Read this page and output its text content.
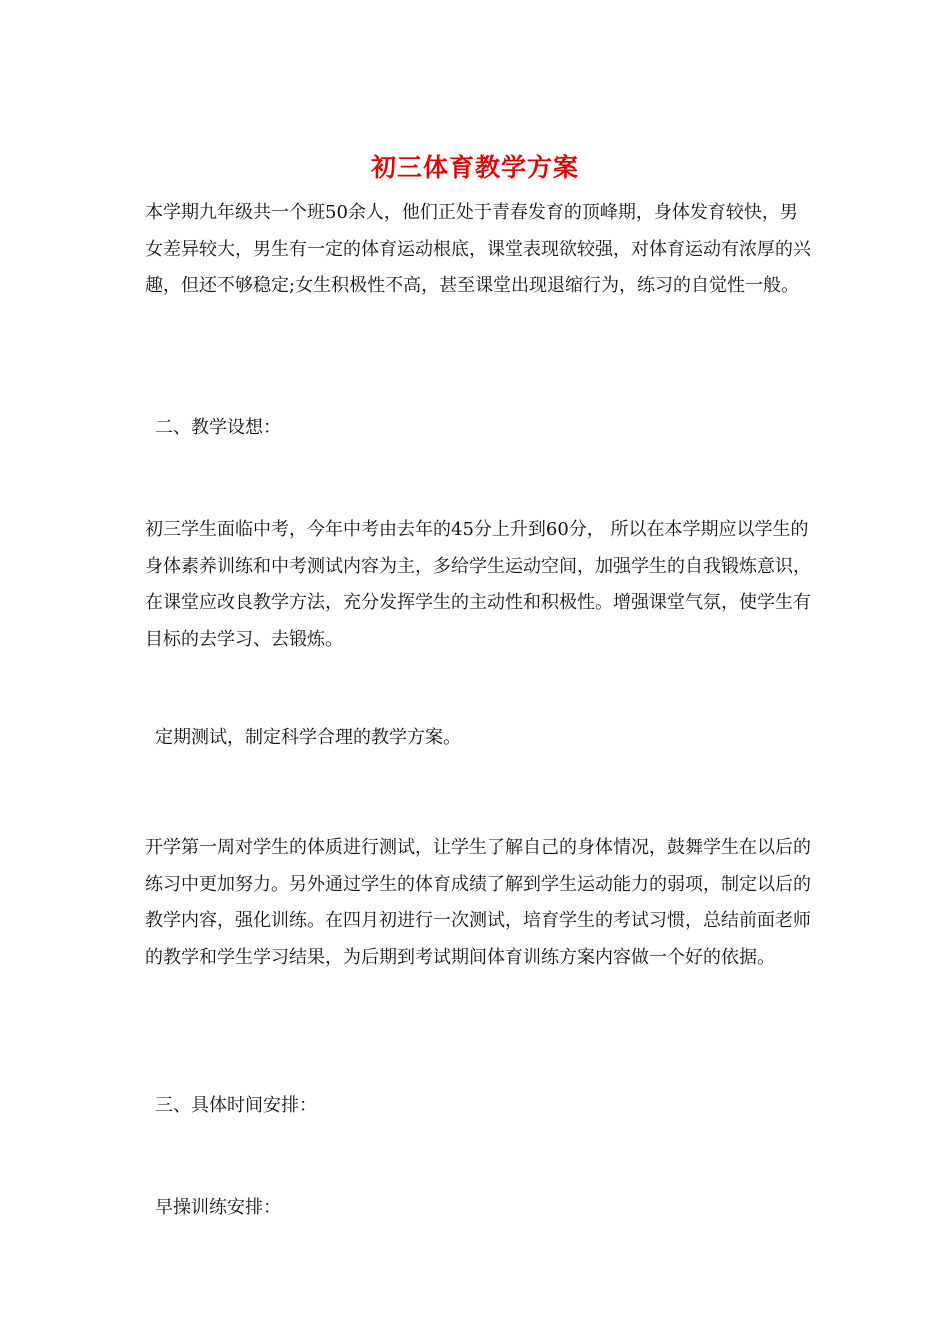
初三体育教学方案

本学期九年级共一个班50余人，他们正处于青春发育的顶峰期，身体发育较快，男女差异较大，男生有一定的体育运动根底，课堂表现欲较强，对体育运动有浓厚的兴趣，但还不够稳定;女生积极性不高，甚至课堂出现退缩行为，练习的自觉性一般。

二、教学设想：

初三学生面临中考，今年中考由去年的45分上升到60分， 所以在本学期应以学生的身体素养训练和中考测试内容为主，多给学生运动空间，加强学生的自我锻炼意识，在课堂应改良教学方法，充分发挥学生的主动性和积极性。增强课堂气氛，使学生有目标的去学习、去锻炼。

定期测试，制定科学合理的教学方案。

开学第一周对学生的体质进行测试，让学生了解自己的身体情况，鼓舞学生在以后的练习中更加努力。另外通过学生的体育成绩了解到学生运动能力的弱项，制定以后的教学内容，强化训练。在四月初进行一次测试，培育学生的考试习惯，总结前面老师的教学和学生学习结果，为后期到考试期间体育训练方案内容做一个好的依据。

三、具体时间安排：

早操训练安排：
